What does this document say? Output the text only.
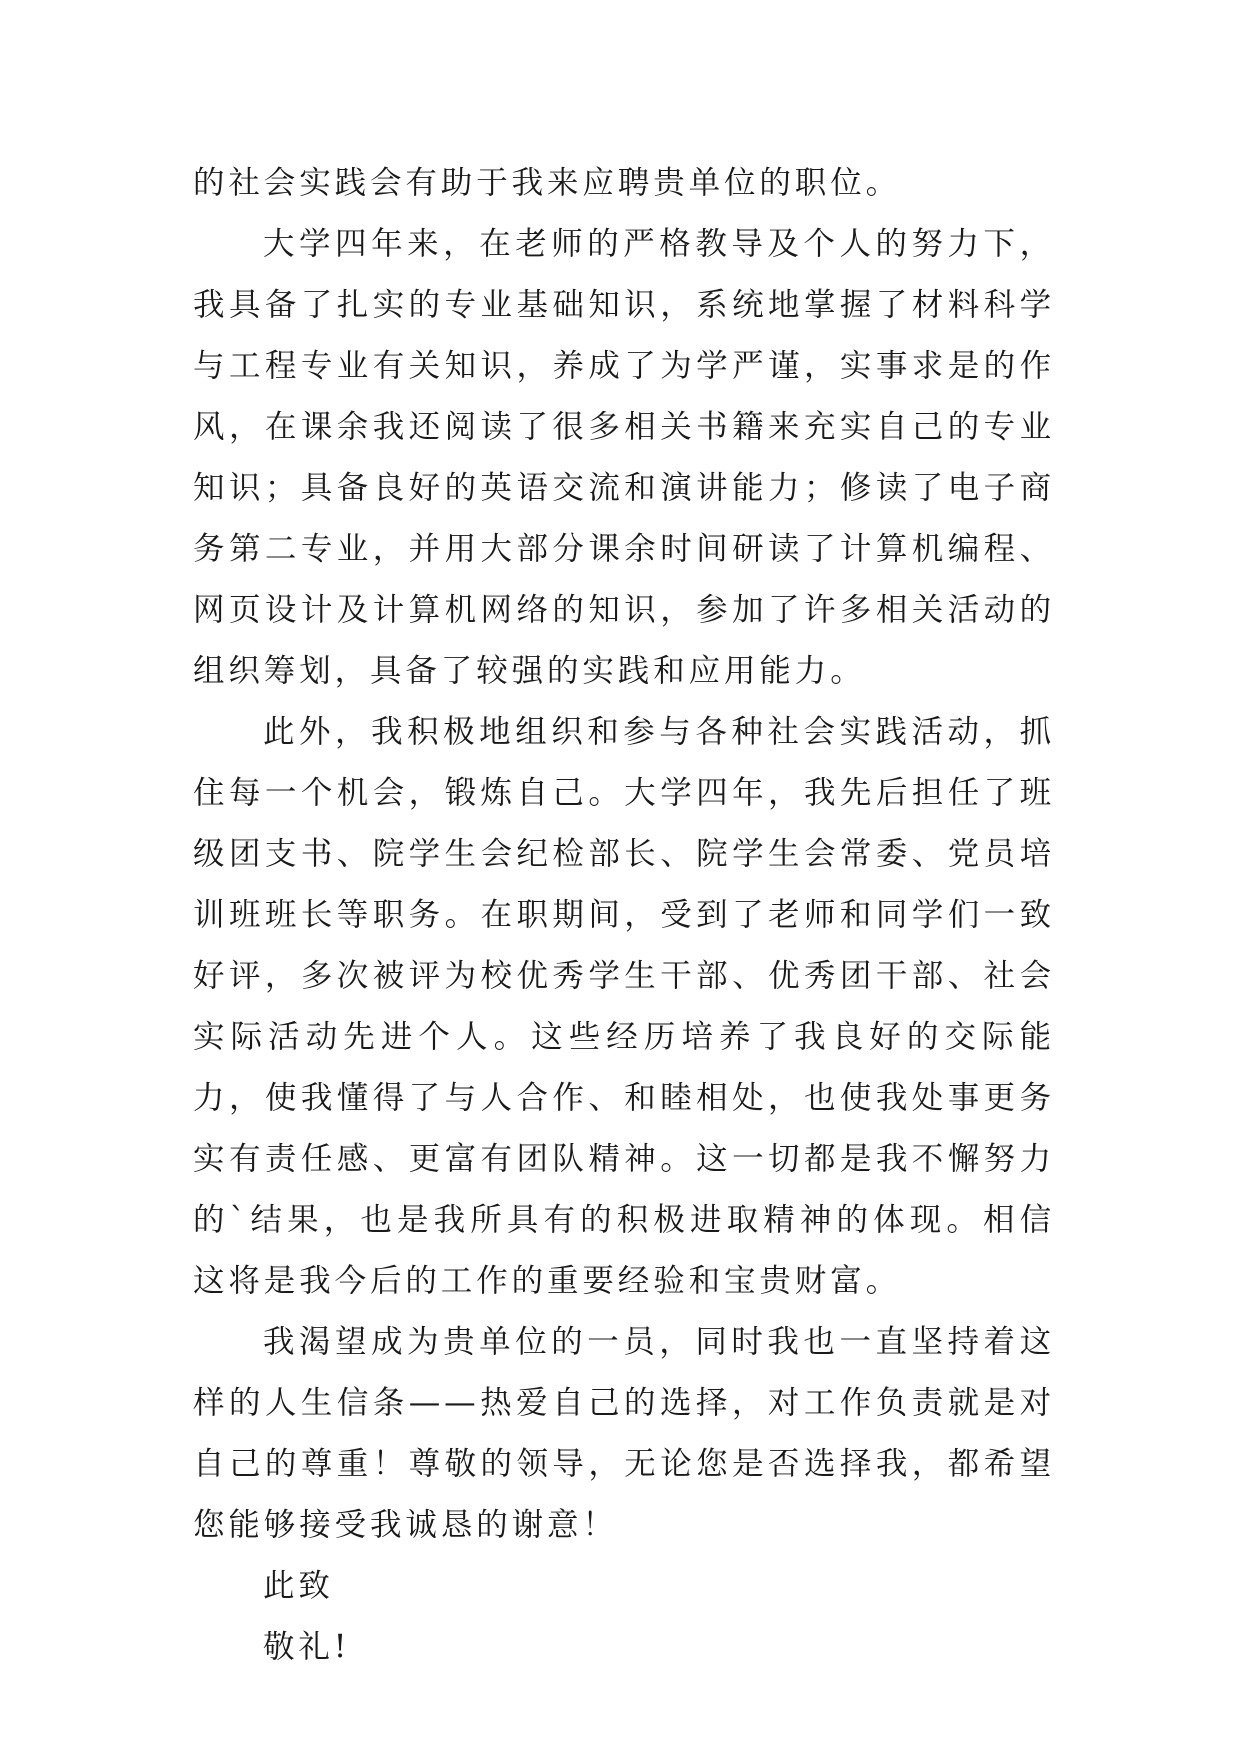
的社会实践会有助于我来应聘贵单位的职位。

大学四年来，在老师的严格教导及个人的努力下，我具备了扎实的专业基础知识，系统地掌握了材料科学与工程专业有关知识，养成了为学严谨，实事求是的作风，在课余我还阅读了很多相关书籍来充实自己的专业知识；具备良好的英语交流和演讲能力；修读了电子商务第二专业，并用大部分课余时间研读了计算机编程、网页设计及计算机网络的知识，参加了许多相关活动的组织筹划，具备了较强的实践和应用能力。

此外，我积极地组织和参与各种社会实践活动，抓住每一个机会，锻炼自己。大学四年，我先后担任了班级团支书、院学生会纪检部长、院学生会常委、党员培训班班长等职务。在职期间，受到了老师和同学们一致好评，多次被评为校优秀学生干部、优秀团干部、社会实际活动先进个人。这些经历培养了我良好的交际能力，使我懂得了与人合作、和睦相处，也使我处事更务实有责任感、更富有团队精神。这一切都是我不懈努力的`结果，也是我所具有的积极进取精神的体现。相信这将是我今后的工作的重要经验和宝贵财富。

我渴望成为贵单位的一员，同时我也一直坚持着这样的人生信条——热爱自己的选择，对工作负责就是对自己的尊重！尊敬的领导，无论您是否选择我，都希望您能够接受我诚恳的谢意！

此致

敬礼!
